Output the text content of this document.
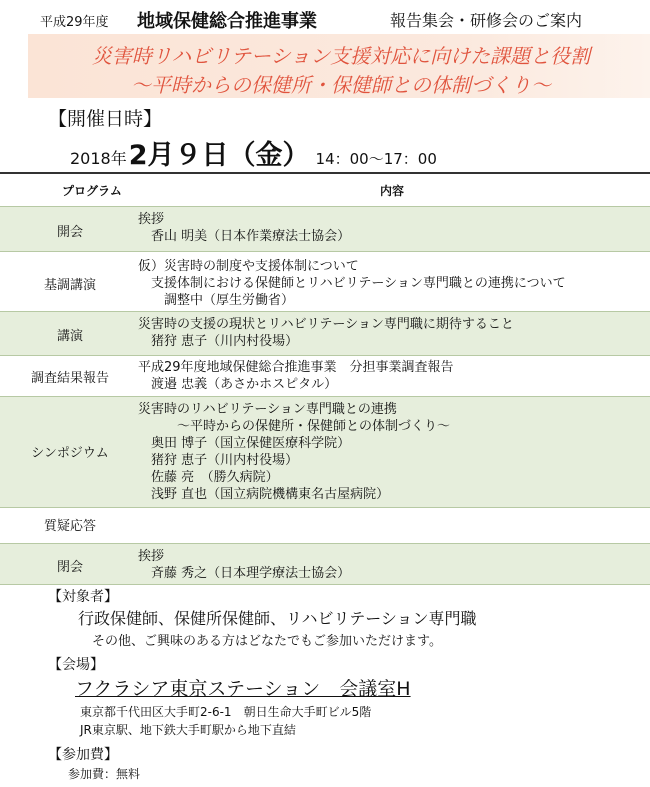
平成29年度 地域保健総合推進事業	報告集会・研修会のご案内
災害時リハビリテーション支援対応に向けた課題と役割
～平時からの保健所・保健師との体制づくり～
【開催日時】
2018年2月９日（金） 14：00～17：00
プログラム	内容
開会
挨拶
　香山 明美（日本作業療法士協会）
基調講演
仮）災害時の制度や支援体制について
　支援体制における保健師とリハビリテーション専門職との連携について
　　調整中（厚生労働省）
講演
災害時の支援の現状とリハビリテーション専門職に期待すること
　猪狩 恵子（川内村役場）
調査結果報告
平成29年度地域保健総合推進事業　分担事業調査報告
　渡邉 忠義（あさかホスピタル）
シンポジウム
災害時のリハビリテーション専門職との連携
　　　～平時からの保健所・保健師との体制づくり～
　奥田 博子（国立保健医療科学院）
　猪狩 恵子（川内村役場）
　佐藤 亮　（勝久病院）
　浅野 直也（国立病院機構東名古屋病院）
質疑応答
閉会
挨拶
　斉藤 秀之（日本理学療法士協会）
【対象者】
行政保健師、保健所保健師、リハビリテーション専門職
その他、ご興味のある方はどなたでもご参加いただけます。
【会場】
フクラシア東京ステーション　会議室H
東京都千代田区大手町2-6-1　朝日生命大手町ビル5階
JR東京駅、地下鉄大手町駅から地下直結
【参加費】
参加費：無料
